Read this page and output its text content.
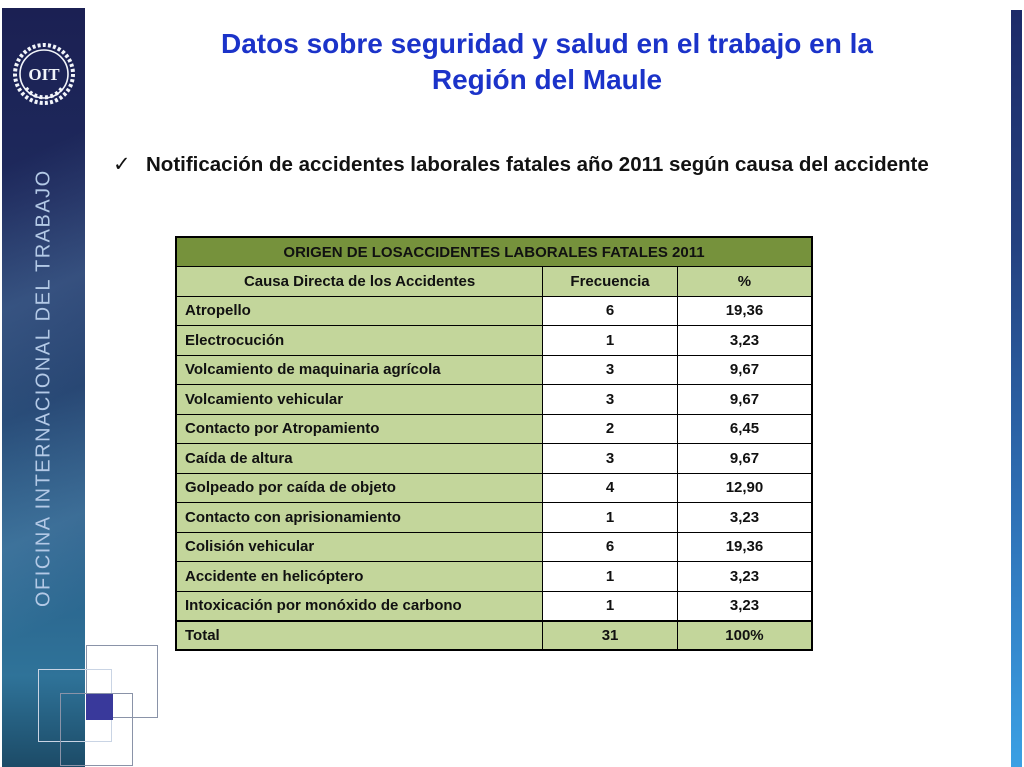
OIT
OFICINA INTERNACIONAL DEL TRABAJO
Datos sobre seguridad y salud en el trabajo en la
Región del Maule
✓ Notificación de accidentes laborales fatales año 2011 según causa del accidente
ORIGEN DE LOSACCIDENTES LABORALES FATALES 2011		
Causa Directa de los Accidentes	Frecuencia	%
Atropello	6	19,36
Electrocución	1	3,23
Volcamiento de maquinaria agrícola	3	9,67
Volcamiento vehicular	3	9,67
Contacto por Atropamiento	2	6,45
Caída de altura	3	9,67
Golpeado por caída de objeto	4	12,90
Contacto con aprisionamiento	1	3,23
Colisión vehicular	6	19,36
Accidente en helicóptero	1	3,23
Intoxicación por monóxido de carbono	1	3,23
Total	31	100%
